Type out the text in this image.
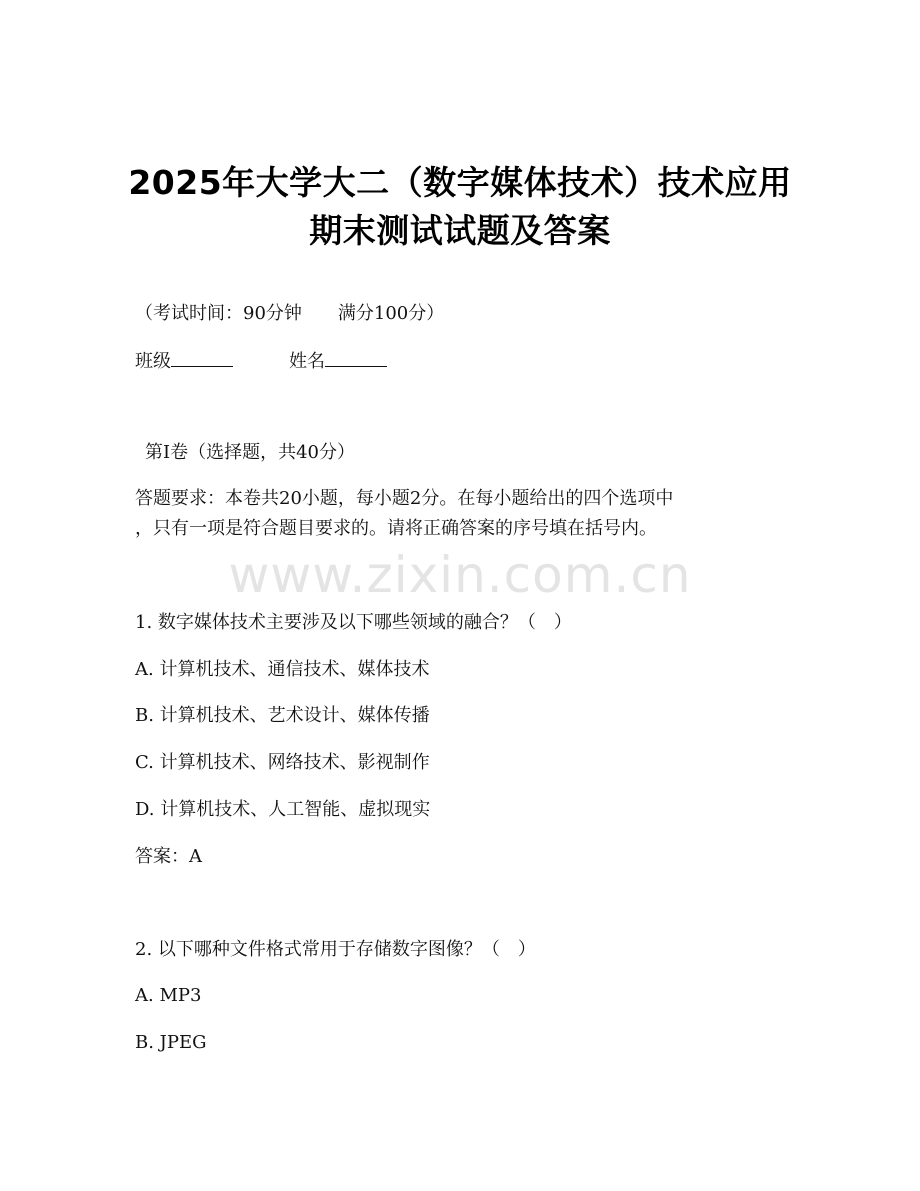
www.zixin.com.cn
2025年大学大二（数字媒体技术）技术应用
期末测试试题及答案
（考试时间：90分钟　　满分100分）
班级	姓名
第Ⅰ卷（选择题，共40分）
答题要求：本卷共20小题，每小题2分。在每小题给出的四个选项中
，只有一项是符合题目要求的。请将正确答案的序号填在括号内。
1. 数字媒体技术主要涉及以下哪些领域的融合？（　）
A. 计算机技术、通信技术、媒体技术
B. 计算机技术、艺术设计、媒体传播
C. 计算机技术、网络技术、影视制作
D. 计算机技术、人工智能、虚拟现实
答案：A
2. 以下哪种文件格式常用于存储数字图像？（　）
A. MP3
B. JPEG
